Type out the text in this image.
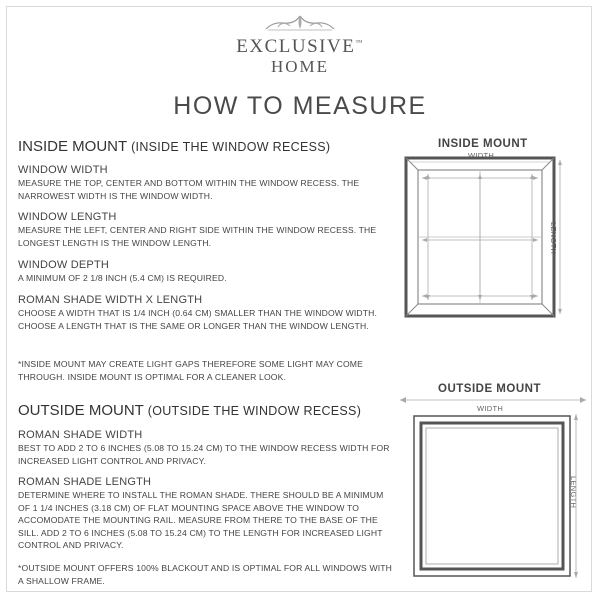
EXCLUSIVE™
HOME
HOW TO MEASURE
INSIDE MOUNT (INSIDE THE WINDOW RECESS)
WINDOW WIDTH
MEASURE THE TOP, CENTER AND BOTTOM WITHIN THE WINDOW RECESS. THE NARROWEST WIDTH IS THE WINDOW WIDTH.
WINDOW LENGTH
MEASURE THE LEFT, CENTER AND RIGHT SIDE WITHIN THE WINDOW RECESS. THE LONGEST LENGTH IS THE WINDOW LENGTH.
WINDOW DEPTH
A MINIMUM OF 2 1/8 INCH (5.4 CM) IS REQUIRED.
ROMAN SHADE WIDTH X LENGTH
CHOOSE A WIDTH THAT IS 1/4 INCH (0.64 CM) SMALLER THAN THE WINDOW WIDTH. CHOOSE A LENGTH THAT IS THE SAME OR LONGER THAN THE WINDOW LENGTH.
*INSIDE MOUNT MAY CREATE LIGHT GAPS THEREFORE SOME LIGHT MAY COME THROUGH. INSIDE MOUNT IS OPTIMAL FOR A CLEANER LOOK.
OUTSIDE MOUNT (OUTSIDE THE WINDOW RECESS)
ROMAN SHADE WIDTH
BEST TO ADD 2 TO 6 INCHES (5.08 TO 15.24 CM) TO THE WINDOW RECESS WIDTH FOR INCREASED LIGHT CONTROL AND PRIVACY.
ROMAN SHADE LENGTH
DETERMINE WHERE TO INSTALL THE ROMAN SHADE. THERE SHOULD BE A MINIMUM OF 1 1/4 INCHES (3.18 CM) OF FLAT MOUNTING SPACE ABOVE THE WINDOW TO ACCOMODATE THE MOUNTING RAIL. MEASURE FROM THERE TO THE BASE OF THE SILL. ADD 2 TO 6 INCHES (5.08 TO 15.24 CM) TO THE LENGTH FOR INCREASED LIGHT CONTROL AND PRIVACY.
*OUTSIDE MOUNT OFFERS 100% BLACKOUT AND IS OPTIMAL FOR ALL WINDOWS WITH A SHALLOW FRAME.
INSIDE MOUNT
WIDTH
LENGTH
OUTSIDE MOUNT
WIDTH
LENGTH
